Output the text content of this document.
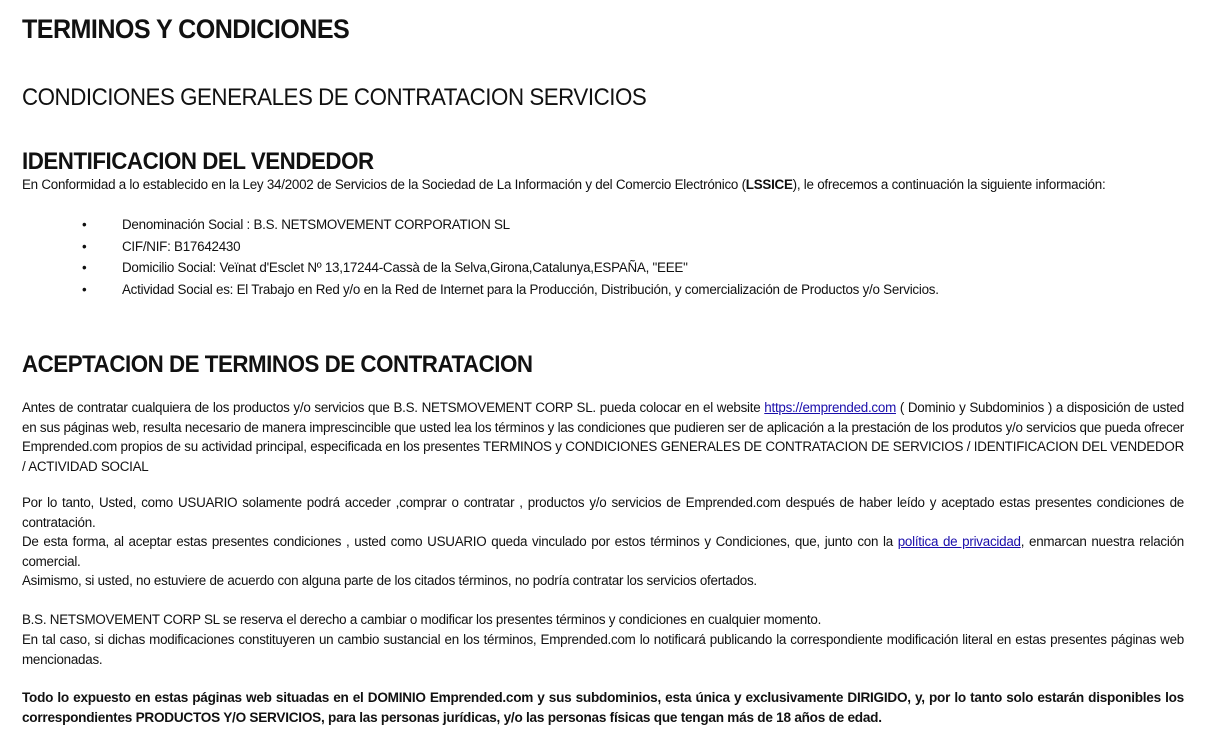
TERMINOS Y CONDICIONES
CONDICIONES GENERALES DE CONTRATACION SERVICIOS
IDENTIFICACION DEL VENDEDOR

En Conformidad a lo establecido en la Ley 34/2002 de Servicios de la Sociedad de La Información y del Comercio Electrónico (LSSICE), le ofrecemos a continuación la siguiente información:

•	Denominación Social : B.S. NETSMOVEMENT CORPORATION SL
•	CIF/NIF: B17642430
•	Domicilio Social: Veïnat d'Esclet Nº 13,17244-Cassà de la Selva,Girona,Catalunya,ESPAÑA, "EEE"
•	Actividad Social es: El Trabajo en Red y/o en la Red de Internet para la Producción, Distribución, y comercialización de Productos y/o Servicios.
ACEPTACION DE TERMINOS DE CONTRATACION

Antes de contratar cualquiera de los productos y/o servicios que B.S. NETSMOVEMENT CORP SL. pueda colocar en el website https://emprended.com ( Dominio y Subdominios ) a disposición de usted en sus páginas web, resulta necesario de manera imprescincible que usted lea los términos y las condiciones que pudieren ser de aplicación a la prestación de los produtos y/o servicios que pueda ofrecer Emprended.com propios de su actividad principal, especificada en los presentes TERMINOS y CONDICIONES GENERALES DE CONTRATACION DE SERVICIOS / IDENTIFICACION DEL VENDEDOR / ACTIVIDAD SOCIAL

Por lo tanto, Usted, como USUARIO solamente podrá acceder ,comprar o contratar , productos y/o servicios de Emprended.com después de haber leído y aceptado estas presentes condiciones de contratación.

De esta forma, al aceptar estas presentes condiciones , usted como USUARIO queda vinculado por estos términos y Condiciones, que, junto con la política de privacidad, enmarcan nuestra relación comercial.

Asimismo, si usted, no estuviere de acuerdo con alguna parte de los citados términos, no podría contratar los servicios ofertados.

B.S. NETSMOVEMENT CORP SL se reserva el derecho a cambiar o modificar los presentes términos y condiciones en cualquier momento.

En tal caso, si dichas modificaciones constituyeren un cambio sustancial en los términos, Emprended.com lo notificará publicando la correspondiente modificación literal en estas presentes páginas web mencionadas.

Todo lo expuesto en estas páginas web situadas en el DOMINIO Emprended.com y sus subdominios, esta única y exclusivamente DIRIGIDO, y, por lo tanto solo estarán disponibles los correspondientes PRODUCTOS Y/O SERVICIOS, para las personas jurídicas, y/o las personas físicas que tengan más de 18 años de edad.
